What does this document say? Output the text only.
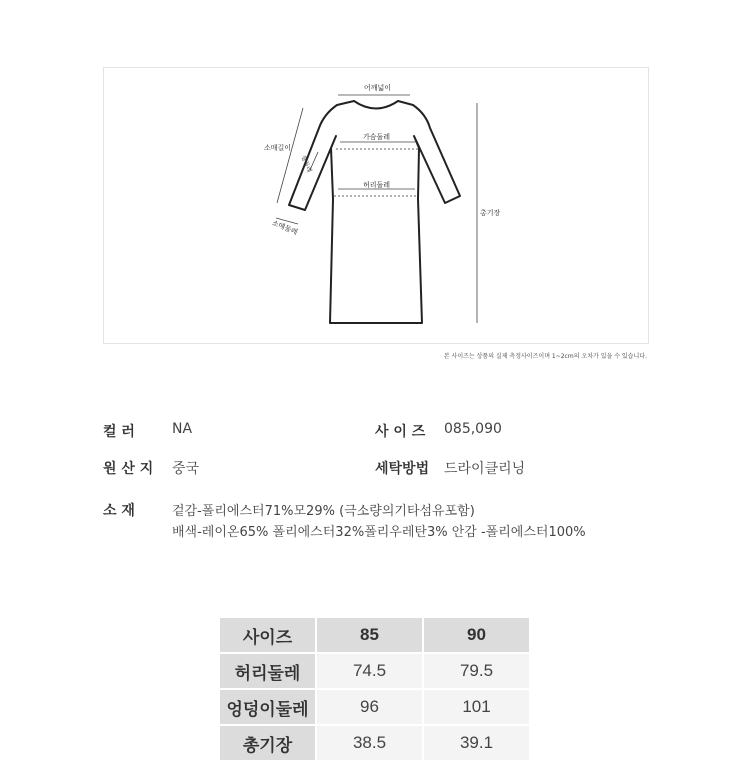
어깨넓이
가슴둘레
허리둘레
소매길이
팔둘레
소매둘레
총기장
본 사이즈는 상품의 실제 측정사이즈이며 1~2cm의 오차가 있을 수 있습니다.
컬 러	NA	사 이 즈 085,090
원 산 지 중국	세탁방법 드라이클리닝
소 재	겉감-폴리에스터71%모29% (극소량의기타섬유포함)
배색-레이온65% 폴리에스터32%폴리우레탄3% 안감 -폴리에스터100%
사이즈	85	90
허리둘레	74.5	79.5
엉덩이둘레	96	101
총기장	38.5	39.1
